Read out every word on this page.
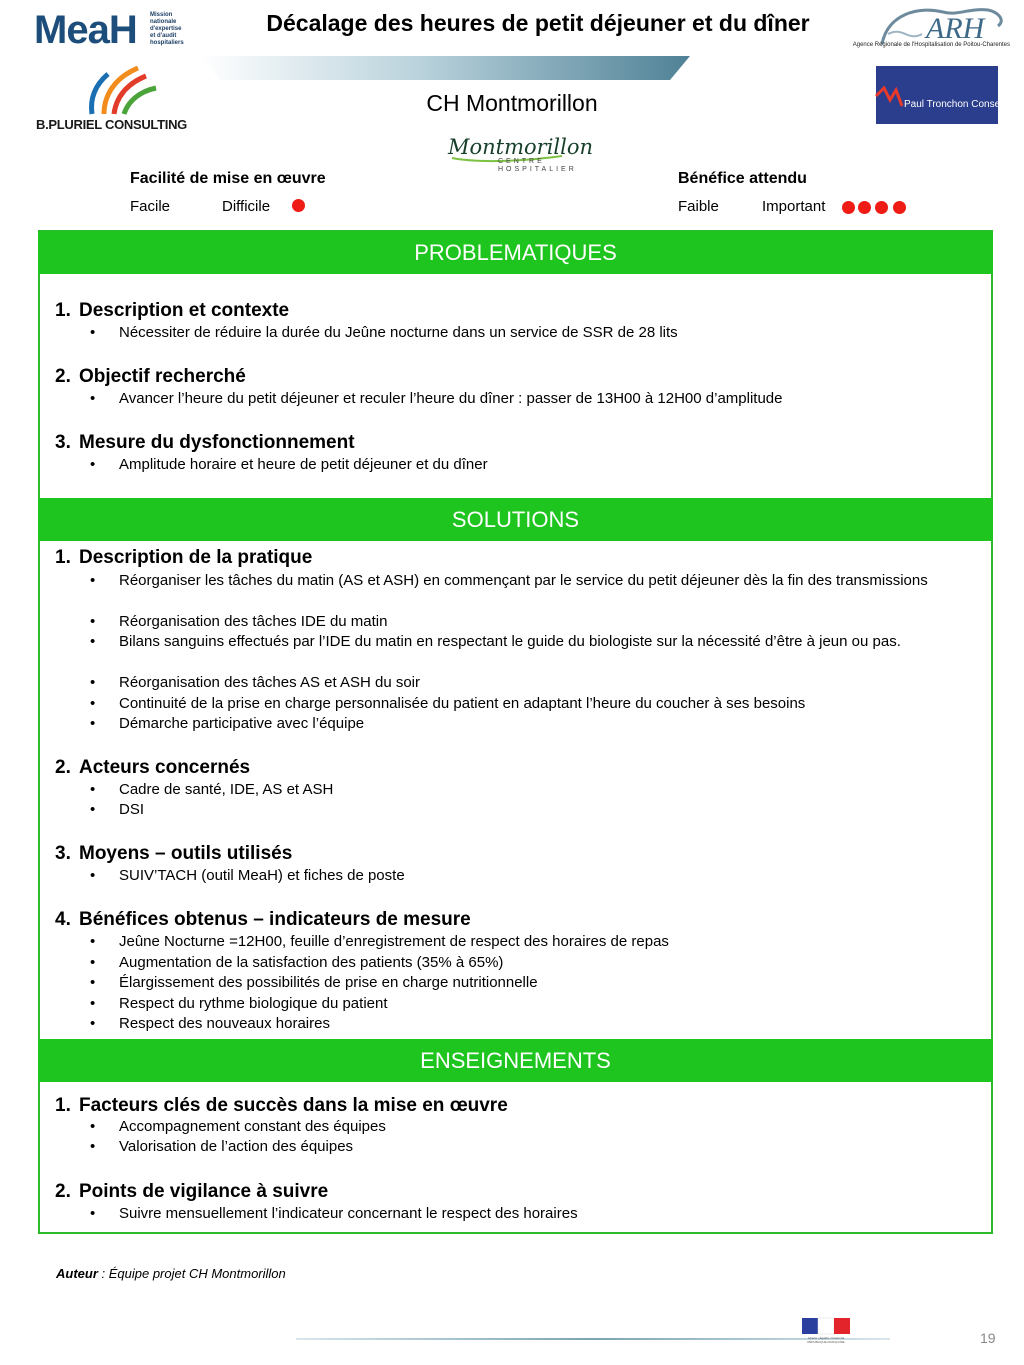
MeaH Mission
nationale
d'expertise
et d'audit
hospitaliers
Décalage des heures de petit déjeuner et du dîner	ARH
Agence Régionale de l'Hospitalisation de Poitou-Charentes
B.PLURIEL CONSULTING
Paul Tronchon Conseil
CH Montmorillon
Montmorillon
CENTRE HOSPITALIER
Facilité de mise en œuvre
Facile	Difficile
Bénéfice attendu
Faible	Important
PROBLEMATIQUES
SOLUTIONS
ENSEIGNEMENTS
1. Description et contexte
• Nécessiter de réduire la durée du Jeûne nocturne dans un service de SSR de 28 lits
2. Objectif recherché
• Avancer l’heure du petit déjeuner et reculer l’heure du dîner : passer de 13H00 à 12H00 d’amplitude
3. Mesure du dysfonctionnement
• Amplitude horaire et heure de petit déjeuner et du dîner
1. Description de la pratique
• Réorganiser les tâches du matin (AS et ASH) en commençant par le service du petit déjeuner dès la fin des transmissions
• Réorganisation des tâches IDE du matin
• Bilans sanguins effectués par l’IDE du matin en respectant le guide du biologiste sur la nécessité d’être à jeun ou pas.
• Réorganisation des tâches AS et ASH du soir
• Continuité de la prise en charge personnalisée du patient en adaptant l’heure du coucher à ses besoins
• Démarche participative avec l’équipe
2. Acteurs concernés
• Cadre de santé, IDE, AS et ASH
• DSI
3. Moyens – outils utilisés
• SUIV’TACH (outil MeaH) et fiches de poste
4. Bénéfices obtenus – indicateurs de mesure
• Jeûne Nocturne =12H00, feuille d’enregistrement de respect des horaires de repas
• Augmentation de la satisfaction des patients (35% à 65%)
• Élargissement des possibilités de prise en charge nutritionnelle
• Respect du rythme biologique du patient
• Respect des nouveaux horaires
1. Facteurs clés de succès dans la mise en œuvre
• Accompagnement constant des équipes
• Valorisation de l’action des équipes
2. Points de vigilance à suivre
• Suivre mensuellement l’indicateur concernant le respect des horaires
Auteur : Équipe projet CH Montmorillon
Liberté • Égalité • Fraternité RÉPUBLIQUE FRANÇAISE	19
